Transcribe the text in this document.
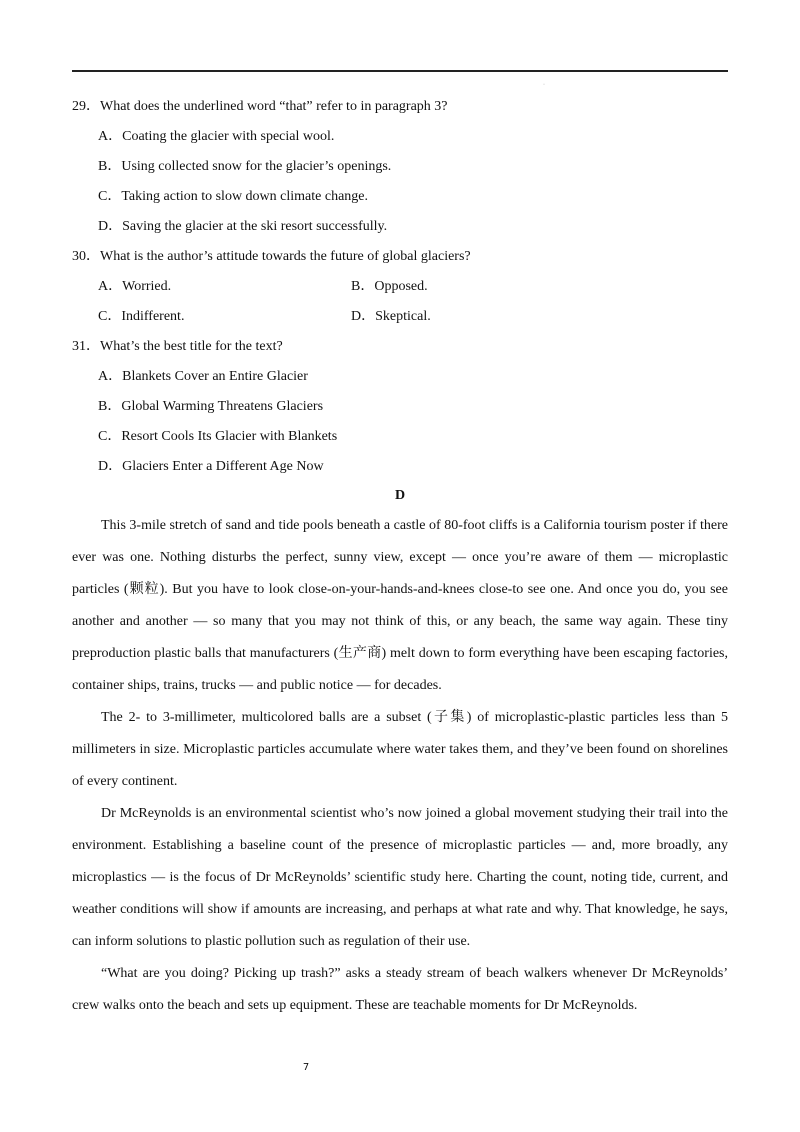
·
29．What does the underlined word “that” refer to in paragraph 3?
A．Coating the glacier with special wool.
B．Using collected snow for the glacier’s openings.
C．Taking action to slow down climate change.
D．Saving the glacier at the ski resort successfully.
30．What is the author’s attitude towards the future of global glaciers?
A．Worried.	B．Opposed.
C．Indifferent.	D．Skeptical.
31．What’s the best title for the text?
A．Blankets Cover an Entire Glacier
B．Global Warming Threatens Glaciers
C．Resort Cools Its Glacier with Blankets
D．Glaciers Enter a Different Age Now
D
This 3-mile stretch of sand and tide pools beneath a castle of 80-foot cliffs is a California tourism poster if there ever was one. Nothing disturbs the perfect, sunny view, except — once you’re aware of them — microplastic particles (颗粒). But you have to look close-on-your-hands-and-knees close-to see one. And once you do, you see another and another — so many that you may not think of this, or any beach, the same way again. These tiny preproduction plastic balls that manufacturers (生产商) melt down to form everything have been escaping factories, container ships, trains, trucks — and public notice — for decades.
The 2- to 3-millimeter, multicolored balls are a subset (子集) of microplastic-plastic particles less than 5 millimeters in size. Microplastic particles accumulate where water takes them, and they’ve been found on shorelines of every continent.
Dr McReynolds is an environmental scientist who’s now joined a global movement studying their trail into the environment. Establishing a baseline count of the presence of microplastic particles — and, more broadly, any microplastics — is the focus of Dr McReynolds’ scientific study here. Charting the count, noting tide, current, and weather conditions will show if amounts are increasing, and perhaps at what rate and why. That knowledge, he says, can inform solutions to plastic pollution such as regulation of their use.
“What are you doing? Picking up trash?” asks a steady stream of beach walkers whenever Dr McReynolds’ crew walks onto the beach and sets up equipment. These are teachable moments for Dr McReynolds.
7
